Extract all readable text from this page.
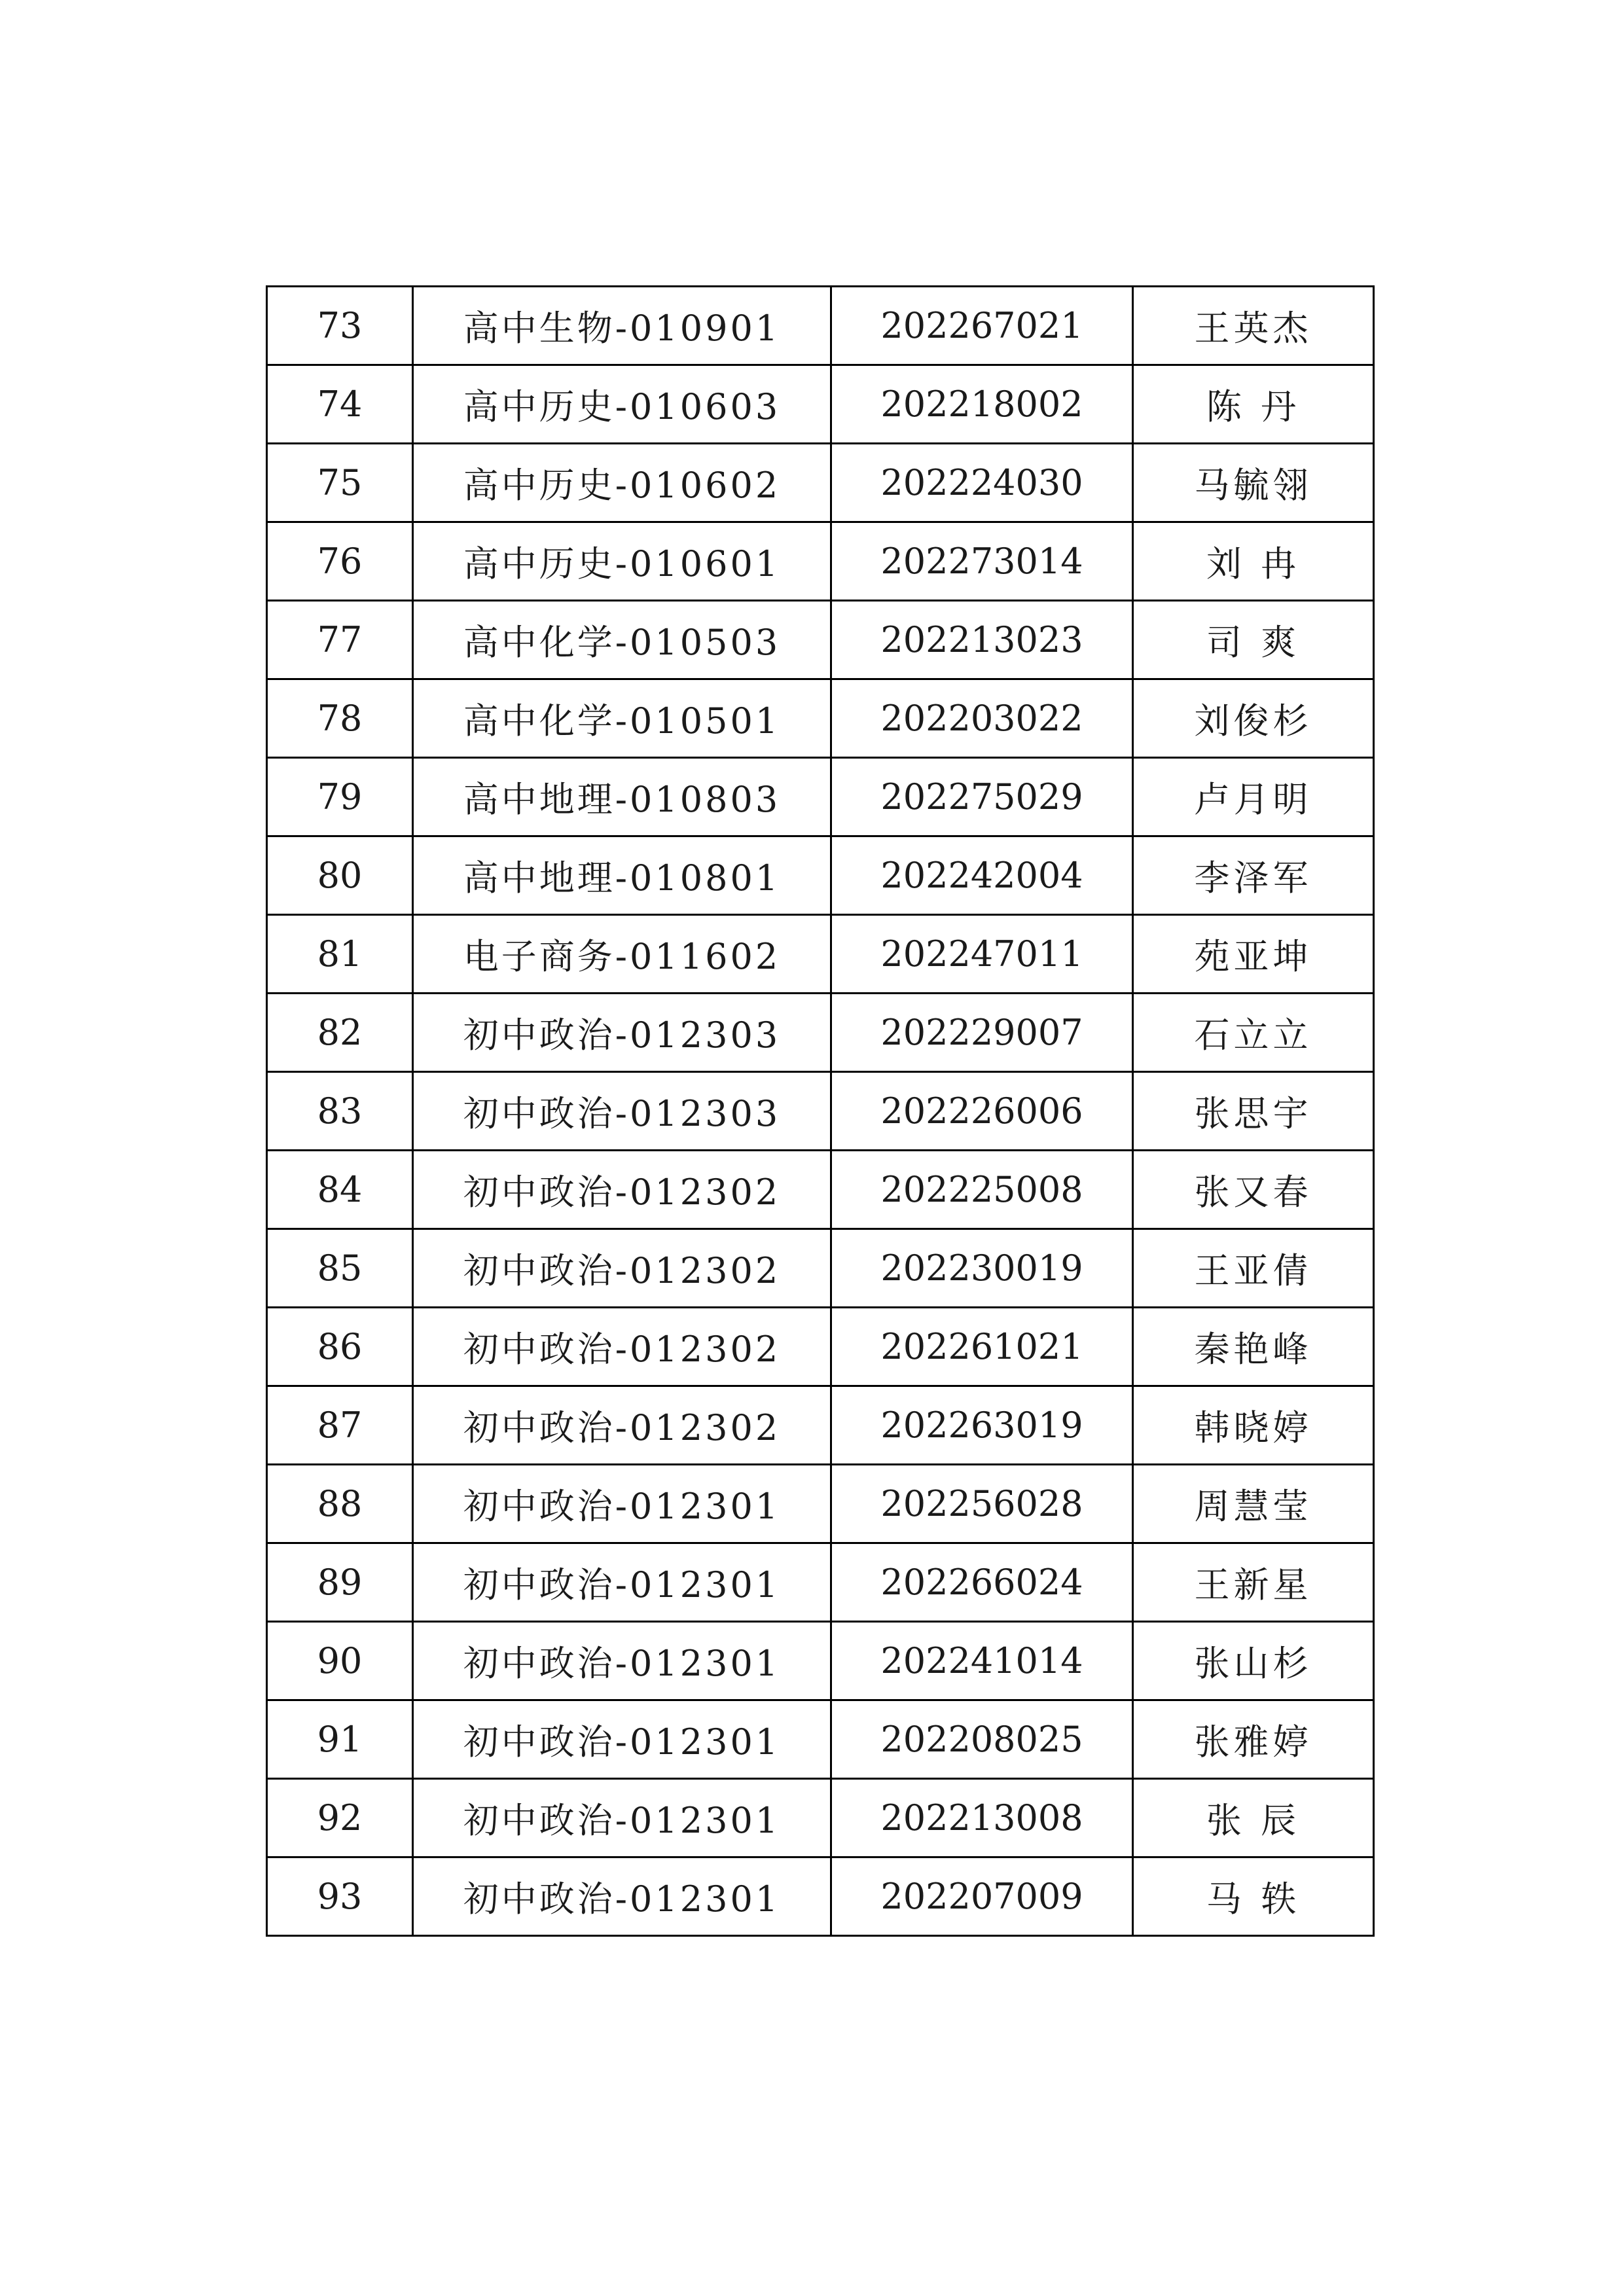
73	高中生物-010901	202267021	王英杰
74	高中历史-010603	202218002	陈 丹
75	高中历史-010602	202224030	马毓翎
76	高中历史-010601	202273014	刘 冉
77	高中化学-010503	202213023	司 爽
78	高中化学-010501	202203022	刘俊杉
79	高中地理-010803	202275029	卢月明
80	高中地理-010801	202242004	李泽军
81	电子商务-011602	202247011	苑亚坤
82	初中政治-012303	202229007	石立立
83	初中政治-012303	202226006	张思宇
84	初中政治-012302	202225008	张又春
85	初中政治-012302	202230019	王亚倩
86	初中政治-012302	202261021	秦艳峰
87	初中政治-012302	202263019	韩晓婷
88	初中政治-012301	202256028	周慧莹
89	初中政治-012301	202266024	王新星
90	初中政治-012301	202241014	张山杉
91	初中政治-012301	202208025	张雅婷
92	初中政治-012301	202213008	张 辰
93	初中政治-012301	202207009	马 轶
